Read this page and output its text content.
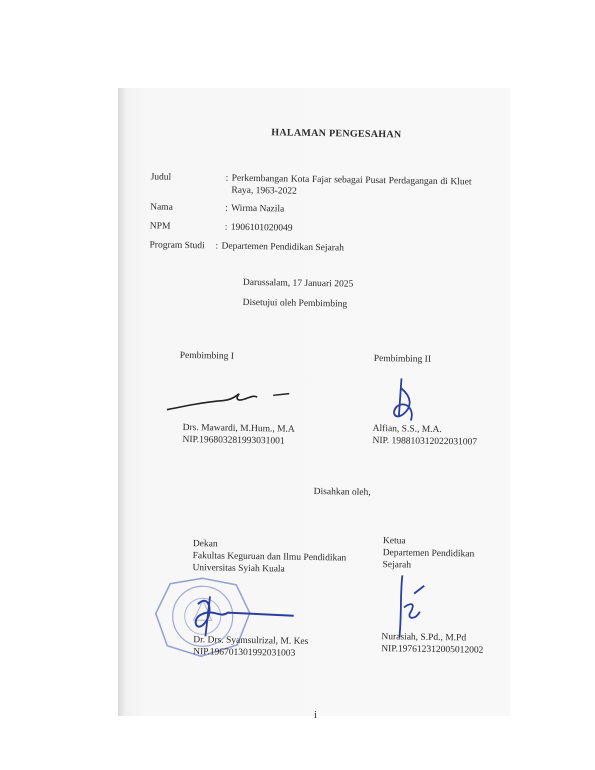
HALAMAN PENGESAHAN
Judul	: Perkembangan Kota Fajar sebagai Pusat Perdagangan di Kluet Raya, 1963-2022
Nama	: Wirma Nazila
NPM	: 1906101020049
Program Studi : Departemen Pendidikan Sejarah
Darussalam, 17 Januari 2025
Disetujui oleh Pembimbing
Pembimbing I	Pembimbing II
Drs. Mawardi, M.Hum., M.A
NIP.196803281993031001
Alfian, S.S., M.A.
NIP. 198810312022031007
Disahkan oleh,
Dekan
Fakultas Keguruan dan Ilmu Pendidikan
Universitas Syiah Kuala
Ketua
Departemen Pendidikan
Sejarah
Dr. Drs. Syamsulrizal, M. Kes
NIP.196701301992031003
Nurasiah, S.Pd., M.Pd
NIP.197612312005012002
i
